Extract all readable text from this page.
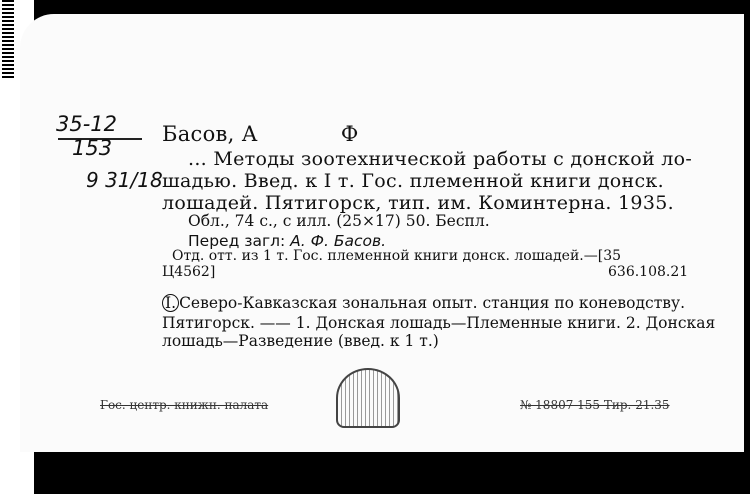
35-12
153
9 31/18
Басов, А	Ф
... Методы зоотехнической работы с донской ло-
шадью. Введ. к I т. Гос. племенной книги донск.
лошадей. Пятигорск, тип. им. Коминтерна. 1935.
Обл., 74 с., с илл. (25×17) 50. Беспл.
Перед загл: А. Ф. Басов.
Отд. отт. из 1 т. Гос. племенной книги донск. лошадей.—[35
Ц4562]	636.108.21
I. Северо-Кавказская зональная опыт. станция по коневодству.
Пятигорск. —— 1. Донская лошадь—Племенные книги. 2. Донская
лошадь—Разведение (введ. к 1 т.)
Гос. центр. книжн. палата	№ 18807 155 Тир. 21.35
